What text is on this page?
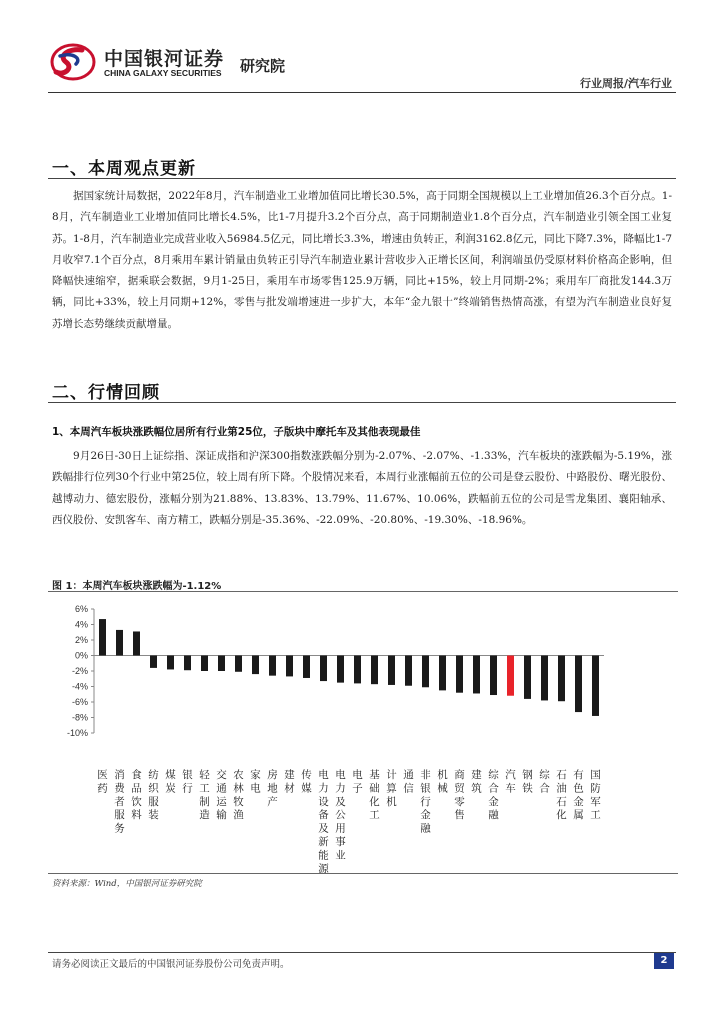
中国银河证券
CHINA GALAXY SECURITIES 研究院
行业周报/汽车行业
一、本周观点更新

据国家统计局数据，2022年8月，汽车制造业工业增加值同比增长30.5%，高于同期全国规模以上工业增加值26.3个百分点。1-8月，汽车制造业工业增加值同比增长4.5%，比1-7月提升3.2个百分点，高于同期制造业1.8个百分点，汽车制造业引领全国工业复苏。1-8月，汽车制造业完成营业收入56984.5亿元，同比增长3.3%，增速由负转正，利润3162.8亿元，同比下降7.3%，降幅比1-7月收窄7.1个百分点，8月乘用车累计销量由负转正引导汽车制造业累计营收步入正增长区间，利润端虽仍受原材料价格高企影响，但降幅快速缩窄，据乘联会数据，9月1-25日，乘用车市场零售125.9万辆，同比+15%，较上月同期-2%；乘用车厂商批发144.3万辆，同比+33%，较上月同期+12%，零售与批发端增速进一步扩大，本年“金九银十”终端销售热情高涨，有望为汽车制造业良好复苏增长态势继续贡献增量。

二、行情回顾
1、本周汽车板块涨跌幅位居所有行业第25位，子版块中摩托车及其他表现最佳

9月26日-30日上证综指、深证成指和沪深300指数涨跌幅分别为-2.07%、-2.07%、-1.33%，汽车板块的涨跌幅为-5.19%，涨跌幅排行位列30个行业中第25位，较上周有所下降。个股情况来看，本周行业涨幅前五位的公司是登云股份、中路股份、曙光股份、越博动力、德宏股份，涨幅分别为21.88%、13.83%、13.79%、11.67%、10.06%，跌幅前五位的公司是雪龙集团、襄阳轴承、西仪股份、安凯客车、南方精工，跌幅分别是-35.36%、-22.09%、-20.80%、-19.30%、-18.96%。

图 1：本周汽车板块涨跌幅为-1.12%
6%
4%
2%
0%
-2%
-4%
-6%
-8%
-10%
医药
消费者服务
食品饮料
纺织服装
煤炭
银行
轻工制造
交通运输
农林牧渔
家电
房地产
建材
传媒
电力设备及新能源
电力及公用事业
电子
基础化工
计算机
通信
非银行金融
机械
商贸零售
建筑
综合金融
汽车
钢铁
综合
石油石化
有色金属
国防军工
资料来源：Wind，中国银河证券研究院
请务必阅读正文最后的中国银河证券股份公司免责声明。	2
